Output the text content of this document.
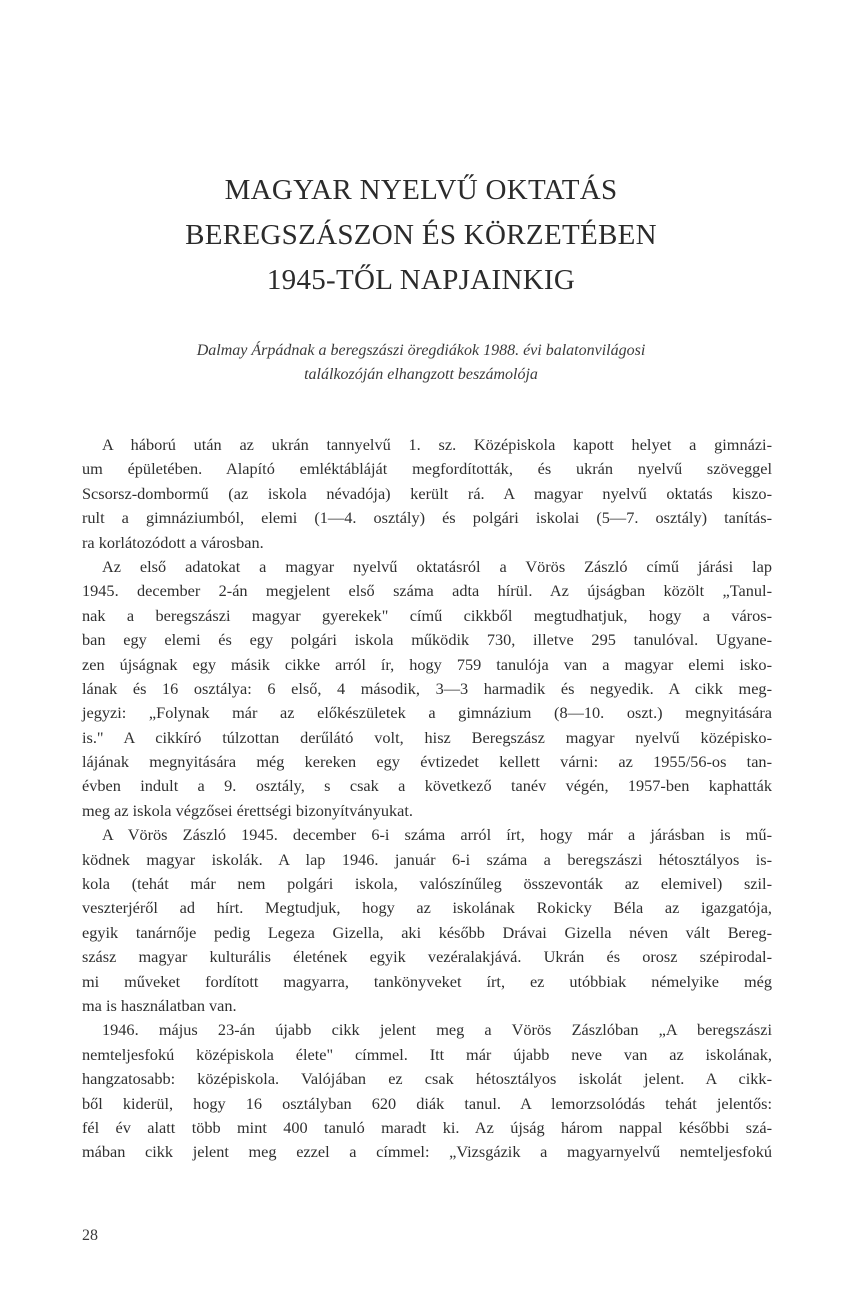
MAGYAR NYELVŰ OKTATÁS
BEREGSZÁSZON ÉS KÖRZETÉBEN
1945-TŐL NAPJAINKIG
Dalmay Árpádnak a beregszászi öregdiákok 1988. évi balatonvilágosi
találkozóján elhangzott beszámolója
A háború után az ukrán tannyelvű 1. sz. Középiskola kapott helyet a gimnázi-
um épületében. Alapító emléktábláját megfordították, és ukrán nyelvű szöveggel
Scsorsz-dombormű (az iskola névadója) került rá. A magyar nyelvű oktatás kiszo-
rult a gimnáziumból, elemi (1—4. osztály) és polgári iskolai (5—7. osztály) tanítás-
ra korlátozódott a városban.
Az első adatokat a magyar nyelvű oktatásról a Vörös Zászló című járási lap
1945. december 2-án megjelent első száma adta hírül. Az újságban közölt „Tanul-
nak a beregszászi magyar gyerekek" című cikkből megtudhatjuk, hogy a város-
ban egy elemi és egy polgári iskola működik 730, illetve 295 tanulóval. Ugyane-
zen újságnak egy másik cikke arról ír, hogy 759 tanulója van a magyar elemi isko-
lának és 16 osztálya: 6 első, 4 második, 3—3 harmadik és negyedik. A cikk meg-
jegyzi: „Folynak már az előkészületek a gimnázium (8—10. oszt.) megnyitására
is." A cikkíró túlzottan derűlátó volt, hisz Beregszász magyar nyelvű középisko-
lájának megnyitására még kereken egy évtizedet kellett várni: az 1955/56-os tan-
évben indult a 9. osztály, s csak a következő tanév végén, 1957-ben kaphatták
meg az iskola végzősei érettségi bizonyítványukat.
A Vörös Zászló 1945. december 6-i száma arról írt, hogy már a járásban is mű-
ködnek magyar iskolák. A lap 1946. január 6-i száma a beregszászi hétosztályos is-
kola (tehát már nem polgári iskola, valószínűleg összevonták az elemivel) szil-
veszterjéről ad hírt. Megtudjuk, hogy az iskolának Rokicky Béla az igazgatója,
egyik tanárnője pedig Legeza Gizella, aki később Drávai Gizella néven vált Bereg-
szász magyar kulturális életének egyik vezéralakjává. Ukrán és orosz szépirodal-
mi műveket fordított magyarra, tankönyveket írt, ez utóbbiak némelyike még
ma is használatban van.
1946. május 23-án újabb cikk jelent meg a Vörös Zászlóban „A beregszászi
nemteljesfokú középiskola élete" címmel. Itt már újabb neve van az iskolának,
hangzatosabb: középiskola. Valójában ez csak hétosztályos iskolát jelent. A cikk-
ből kiderül, hogy 16 osztályban 620 diák tanul. A lemorzsolódás tehát jelentős:
fél év alatt több mint 400 tanuló maradt ki. Az újság három nappal későbbi szá-
mában cikk jelent meg ezzel a címmel: „Vizsgázik a magyarnyelvű nemteljesfokú
28
